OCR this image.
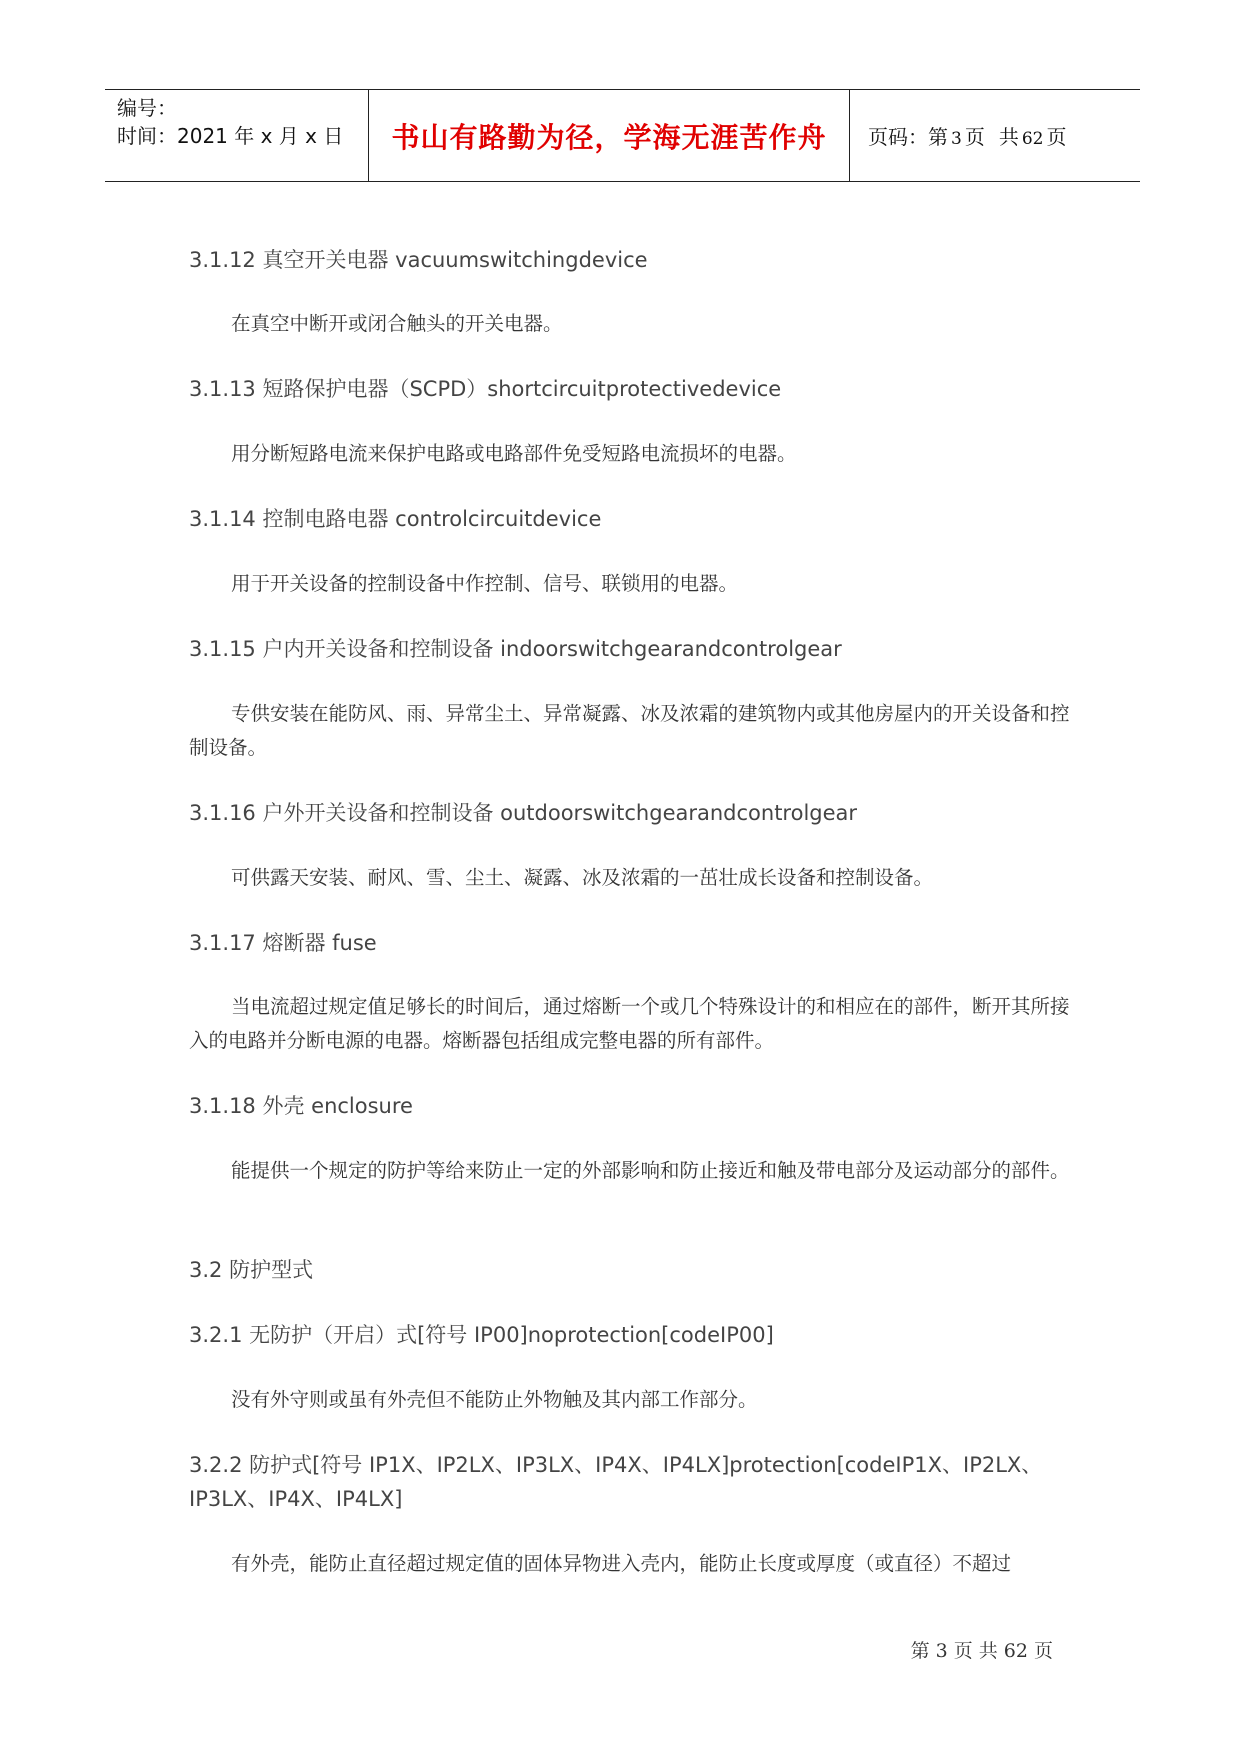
编号：
时间：2021 年 x 月 x 日 书山有路勤为径，学海无涯苦作舟 页码：第 3 页 共 62 页
3.1.12 真空开关电器 vacuumswitchingdevice
在真空中断开或闭合触头的开关电器。
3.1.13 短路保护电器（SCPD）shortcircuitprotectivedevice
用分断短路电流来保护电路或电路部件免受短路电流损坏的电器。
3.1.14 控制电路电器 controlcircuitdevice
用于开关设备的控制设备中作控制、信号、联锁用的电器。
3.1.15 户内开关设备和控制设备 indoorswitchgearandcontrolgear
专供安装在能防风、雨、异常尘土、异常凝露、冰及浓霜的建筑物内或其他房屋内的开关设备和控制设备。
3.1.16 户外开关设备和控制设备 outdoorswitchgearandcontrolgear
可供露天安装、耐风、雪、尘土、凝露、冰及浓霜的一茁壮成长设备和控制设备。
3.1.17 熔断器 fuse
当电流超过规定值足够长的时间后，通过熔断一个或几个特殊设计的和相应在的部件，断开其所接入的电路并分断电源的电器。熔断器包括组成完整电器的所有部件。
3.1.18 外壳 enclosure
能提供一个规定的防护等给来防止一定的外部影响和防止接近和触及带电部分及运动部分的部件。
3.2 防护型式
3.2.1 无防护（开启）式[符号 IP00]noprotection[codeIP00]
没有外守则或虽有外壳但不能防止外物触及其内部工作部分。
3.2.2 防护式[符号 IP1X、IP2LX、IP3LX、IP4X、IP4LX]protection[codeIP1X、IP2LX、IP3LX、IP4X、IP4LX]
有外壳，能防止直径超过规定值的固体异物进入壳内，能防止长度或厚度（或直径）不超过
第 3 页 共 62 页
